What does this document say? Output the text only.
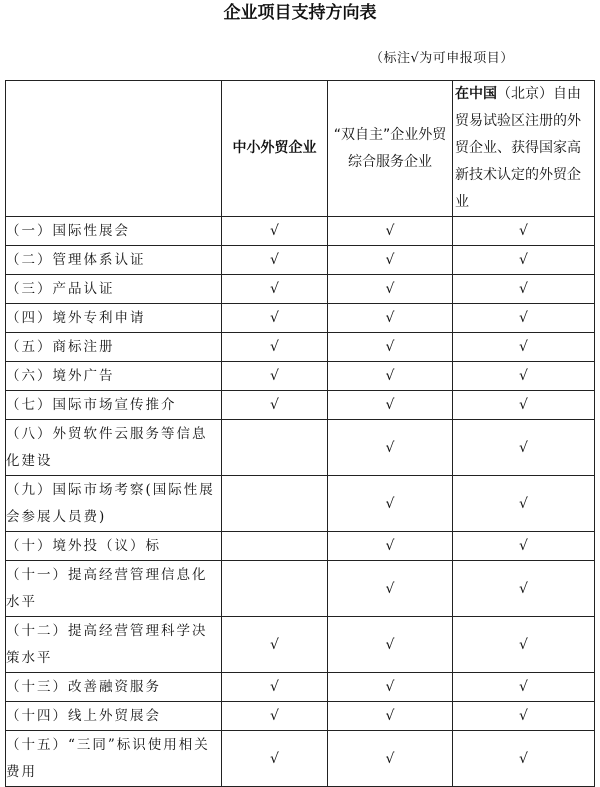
企业项目支持方向表
（标注√为可申报项目）
	中小外贸企业	“双自主”企业外贸综合服务企业	在中国（北京）自由贸易试验区注册的外贸企业、获得国家高新技术认定的外贸企业
（一）国际性展会	√	√	√
（二）管理体系认证	√	√	√
（三）产品认证	√	√	√
（四）境外专利申请	√	√	√
（五）商标注册	√	√	√
（六）境外广告	√	√	√
（七）国际市场宣传推介	√	√	√
（八）外贸软件云服务等信息化建设		√	√
（九）国际市场考察(国际性展会参展人员费)		√	√
（十）境外投（议）标		√	√
（十一）提高经营管理信息化水平		√	√
（十二）提高经营管理科学决策水平	√	√	√
（十三）改善融资服务	√	√	√
（十四）线上外贸展会	√	√	√
（十五）“三同”标识使用相关费用	√	√	√
